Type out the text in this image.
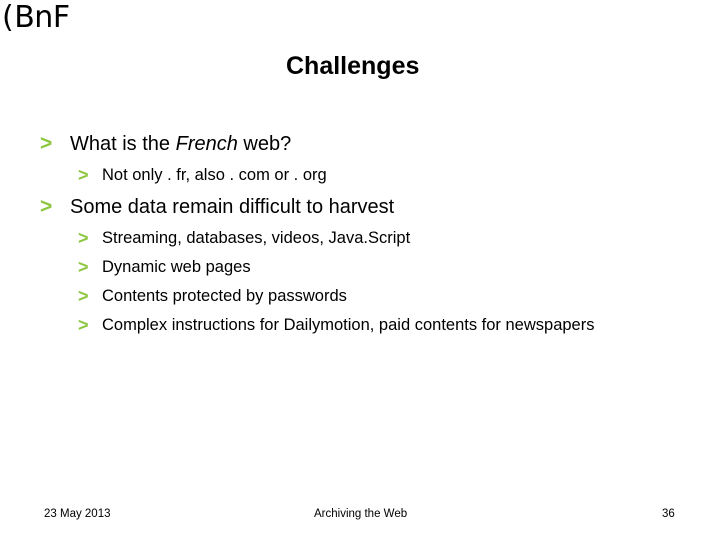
(BnF
Challenges
> What is the French web?
> Not only . fr, also . com or . org
> Some data remain difficult to harvest
> Streaming, databases, videos, Java.Script
> Dynamic web pages
> Contents protected by passwords
> Complex instructions for Dailymotion, paid contents for newspapers
23 May 2013	Archiving the Web	36
